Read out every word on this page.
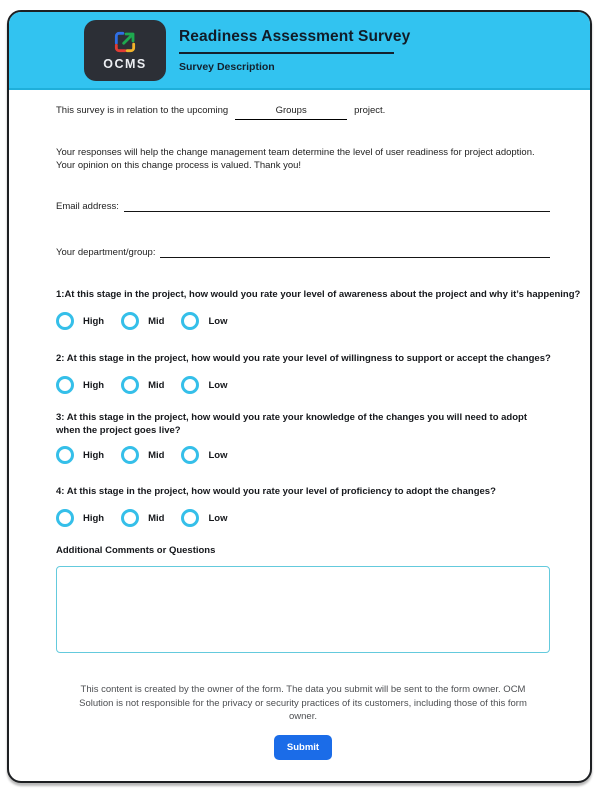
OCMS
Readiness Assessment Survey
Survey Description

This survey is in relation to the upcoming	Groups	project.

Your responses will help the change management team determine the level of user readiness for project adoption. Your opinion on this change process is valued. Thank you!

Email address:
Your department/group:
1:At this stage in the project, how would you rate your level of awareness about the project and why it’s happening?
High	Mid	Low
2: At this stage in the project, how would you rate your level of willingness to support or accept the changes?
High	Mid	Low
3: At this stage in the project, how would you rate your knowledge of the changes you will need to adopt when the project goes live?
High	Mid	Low
4: At this stage in the project, how would you rate your level of proficiency to adopt the changes?
High	Mid	Low
Additional Comments or Questions
This content is created by the owner of the form. The data you submit will be sent to the form owner. OCM Solution is not responsible for the privacy or security practices of its customers, including those of this form owner.
Submit
